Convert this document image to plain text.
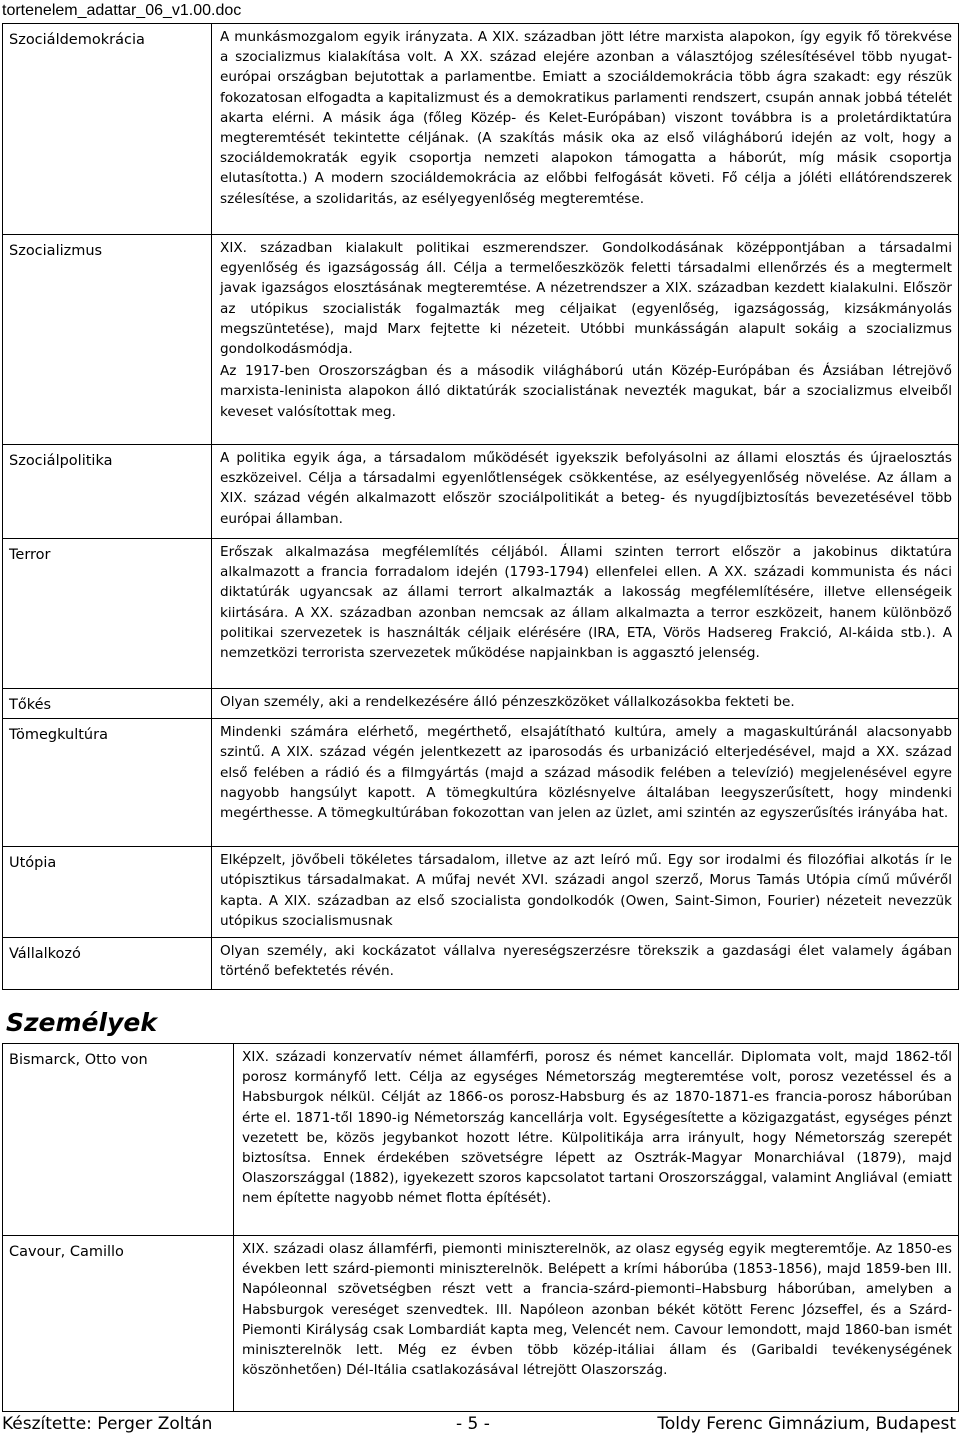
tortenelem_adattar_06_v1.00.doc
Szociáldemokrácia	A munkásmozgalom egyik irányzata. A XIX. században jött létre marxista alapokon, így egyik fő törekvése a szocializmus kialakítása volt. A XX. század elejére azonban a választójog szélesítésével több nyugat-európai országban bejutottak a parlamentbe. Emiatt a szociáldemokrácia több ágra szakadt: egy részük fokozatosan elfogadta a kapitalizmust és a demokratikus parlamenti rendszert, csupán annak jobbá tételét akarta elérni. A másik ága (főleg Közép- és Kelet-Európában) viszont továbbra is a proletárdiktatúra megteremtését tekintette céljának. (A szakítás másik oka az első világháború idején az volt, hogy a szociáldemokraták egyik csoportja nemzeti alapokon támogatta a háborút, míg másik csoportja elutasította.) A modern szociáldemokrácia az előbbi felfogását követi. Fő célja a jóléti ellátórendszerek szélesítése, a szolidaritás, az esélyegyenlőség megteremtése.

Szocializmus	XIX. században kialakult politikai eszmerendszer. Gondolkodásának középpontjában a társadalmi egyenlőség és igazságosság áll. Célja a termelőeszközök feletti társadalmi ellenőrzés és a megtermelt javak igazságos elosztásának megteremtése. A nézetrendszer a XIX. században kezdett kialakulni. Először az utópikus szocialisták fogalmazták meg céljaikat (egyenlőség, igazságosság, kizsákmányolás megszüntetése), majd Marx fejtette ki nézeteit. Utóbbi munkásságán alapult sokáig a szocializmus gondolkodásmódja.

Az 1917-ben Oroszországban és a második világháború után Közép-Európában és Ázsiában létrejövő marxista-leninista alapokon álló diktatúrák szocialistának nevezték magukat, bár a szocializmus elveiből keveset valósítottak meg.

Szociálpolitika	A politika egyik ága, a társadalom működését igyekszik befolyásolni az állami elosztás és újraelosztás eszközeivel. Célja a társadalmi egyenlőtlenségek csökkentése, az esélyegyenlőség növelése. Az állam a XIX. század végén alkalmazott először szociálpolitikát a beteg- és nyugdíjbiztosítás bevezetésével több európai államban.

Terror	Erőszak alkalmazása megfélemlítés céljából. Állami szinten terrort először a jakobinus diktatúra alkalmazott a francia forradalom idején (1793-1794) ellenfelei ellen. A XX. századi kommunista és náci diktatúrák ugyancsak az állami terrort alkalmazták a lakosság megfélemlítésére, illetve ellenségeik kiirtására. A XX. században azonban nemcsak az állam alkalmazta a terror eszközeit, hanem különböző politikai szervezetek is használták céljaik elérésére (IRA, ETA, Vörös Hadsereg Frakció, Al-káida stb.). A nemzetközi terrorista szervezetek működése napjainkban is aggasztó jelenség.

Tőkés	Olyan személy, aki a rendelkezésére álló pénzeszközöket vállalkozásokba fekteti be.

Tömegkultúra	Mindenki számára elérhető, megérthető, elsajátítható kultúra, amely a magaskultúránál alacsonyabb szintű. A XIX. század végén jelentkezett az iparosodás és urbanizáció elterjedésével, majd a XX. század első felében a rádió és a filmgyártás (majd a század második felében a televízió) megjelenésével egyre nagyobb hangsúlyt kapott. A tömegkultúra közlésnyelve általában leegyszerűsített, hogy mindenki megérthesse. A tömegkultúrában fokozottan van jelen az üzlet, ami szintén az egyszerűsítés irányába hat.

Utópia	Elképzelt, jövőbeli tökéletes társadalom, illetve az azt leíró mű. Egy sor irodalmi és filozófiai alkotás ír le utópisztikus társadalmakat. A műfaj nevét XVI. századi angol szerző, Morus Tamás Utópia című művéről kapta. A XIX. században az első szocialista gondolkodók (Owen, Saint-Simon, Fourier) nézeteit nevezzük utópikus szocialismusnak

Vállalkozó	Olyan személy, aki kockázatot vállalva nyereségszerzésre törekszik a gazdasági élet valamely ágában történő befektetés révén.

Személyek
Bismarck, Otto von	XIX. századi konzervatív német államférfi, porosz és német kancellár. Diplomata volt, majd 1862-től porosz kormányfő lett. Célja az egységes Németország megteremtése volt, porosz vezetéssel és a Habsburgok nélkül. Célját az 1866-os porosz-Habsburg és az 1870-1871-es francia-porosz háborúban érte el. 1871-től 1890-ig Németország kancellárja volt. Egységesítette a közigazgatást, egységes pénzt vezetett be, közös jegybankot hozott létre. Külpolitikája arra irányult, hogy Németország szerepét biztosítsa. Ennek érdekében szövetségre lépett az Osztrák-Magyar Monarchiával (1879), majd Olaszországgal (1882), igyekezett szoros kapcsolatot tartani Oroszországgal, valamint Angliával (emiatt nem építette nagyobb német flotta építését).

Cavour, Camillo	XIX. századi olasz államférfi, piemonti miniszterelnök, az olasz egység egyik megteremtője. Az 1850-es években lett szárd-piemonti miniszterelnök. Belépett a krími háborúba (1853-1856), majd 1859-ben III. Napóleonnal szövetségben részt vett a francia-szárd-piemonti–Habsburg háborúban, amelyben a Habsburgok vereséget szenvedtek. III. Napóleon azonban békét kötött Ferenc Józseffel, és a Szárd-Piemonti Királyság csak Lombardiát kapta meg, Velencét nem. Cavour lemondott, majd 1860-ban ismét miniszterelnök lett. Még ez évben több közép-itáliai állam és (Garibaldi tevékenységének köszönhetően) Dél-Itália csatlakozásával létrejött Olaszország.

Készítette: Perger Zoltán	- 5 -	Toldy Ferenc Gimnázium, Budapest
